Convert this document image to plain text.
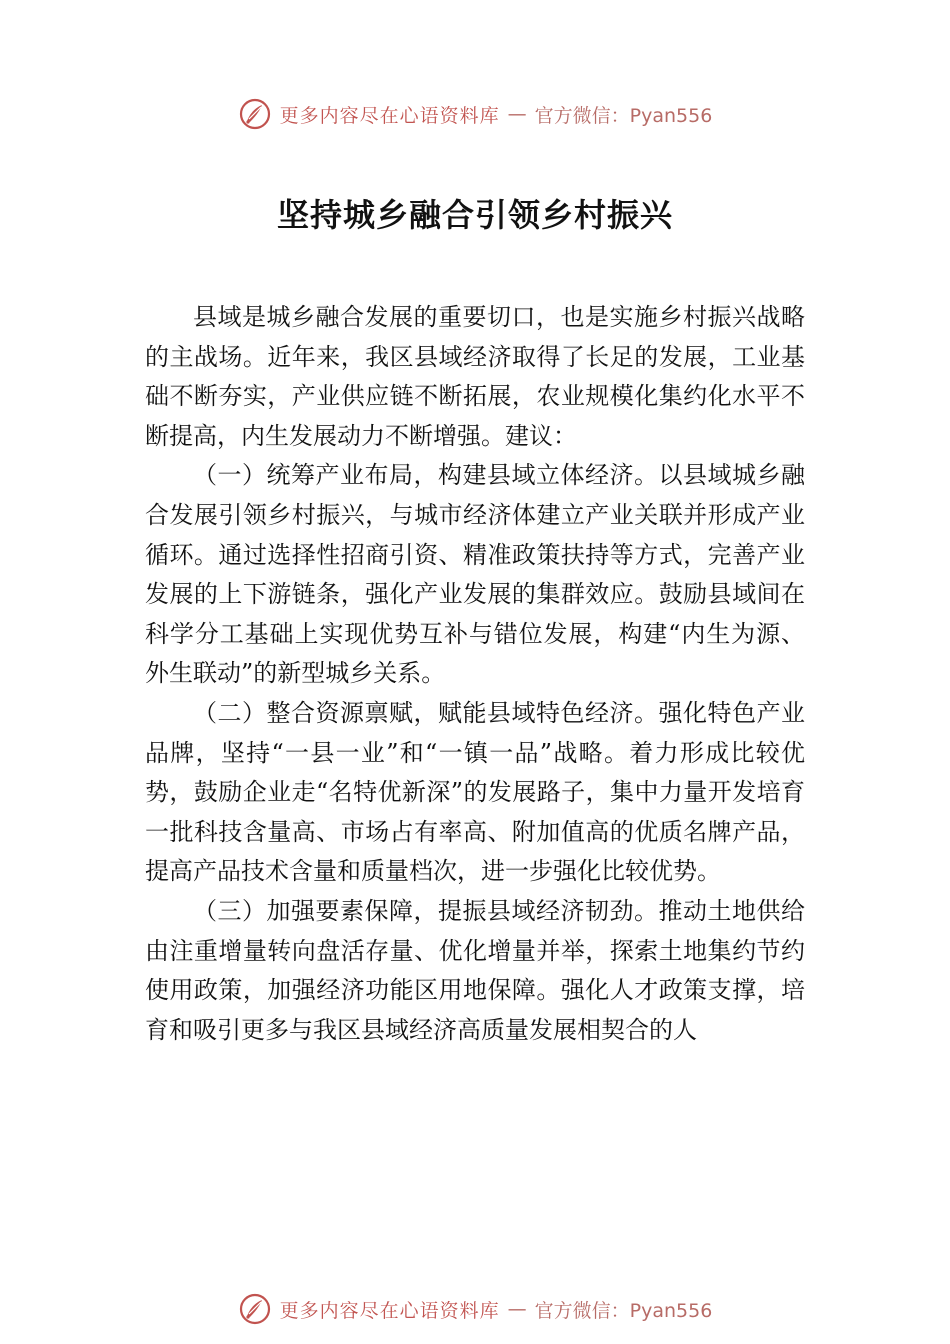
更多内容尽在心语资料库 — 官方微信：Pyan556
坚持城乡融合引领乡村振兴

县域是城乡融合发展的重要切口，也是实施乡村振兴战略的主战场。近年来，我区县域经济取得了长足的发展，工业基础不断夯实，产业供应链不断拓展，农业规模化集约化水平不断提高，内生发展动力不断增强。建议：

（一）统筹产业布局，构建县域立体经济。以县域城乡融合发展引领乡村振兴，与城市经济体建立产业关联并形成产业循环。通过选择性招商引资、精准政策扶持等方式，完善产业发展的上下游链条，强化产业发展的集群效应。鼓励县域间在科学分工基础上实现优势互补与错位发展，构建“内生为源、外生联动”的新型城乡关系。

（二）整合资源禀赋，赋能县域特色经济。强化特色产业品牌，坚持“一县一业”和“一镇一品”战略。着力形成比较优势，鼓励企业走“名特优新深”的发展路子，集中力量开发培育一批科技含量高、市场占有率高、附加值高的优质名牌产品，提高产品技术含量和质量档次，进一步强化比较优势。

（三）加强要素保障，提振县域经济韧劲。推动土地供给由注重增量转向盘活存量、优化增量并举，探索土地集约节约使用政策，加强经济功能区用地保障。强化人才政策支撑，培育和吸引更多与我区县域经济高质量发展相契合的人

更多内容尽在心语资料库 — 官方微信：Pyan556
